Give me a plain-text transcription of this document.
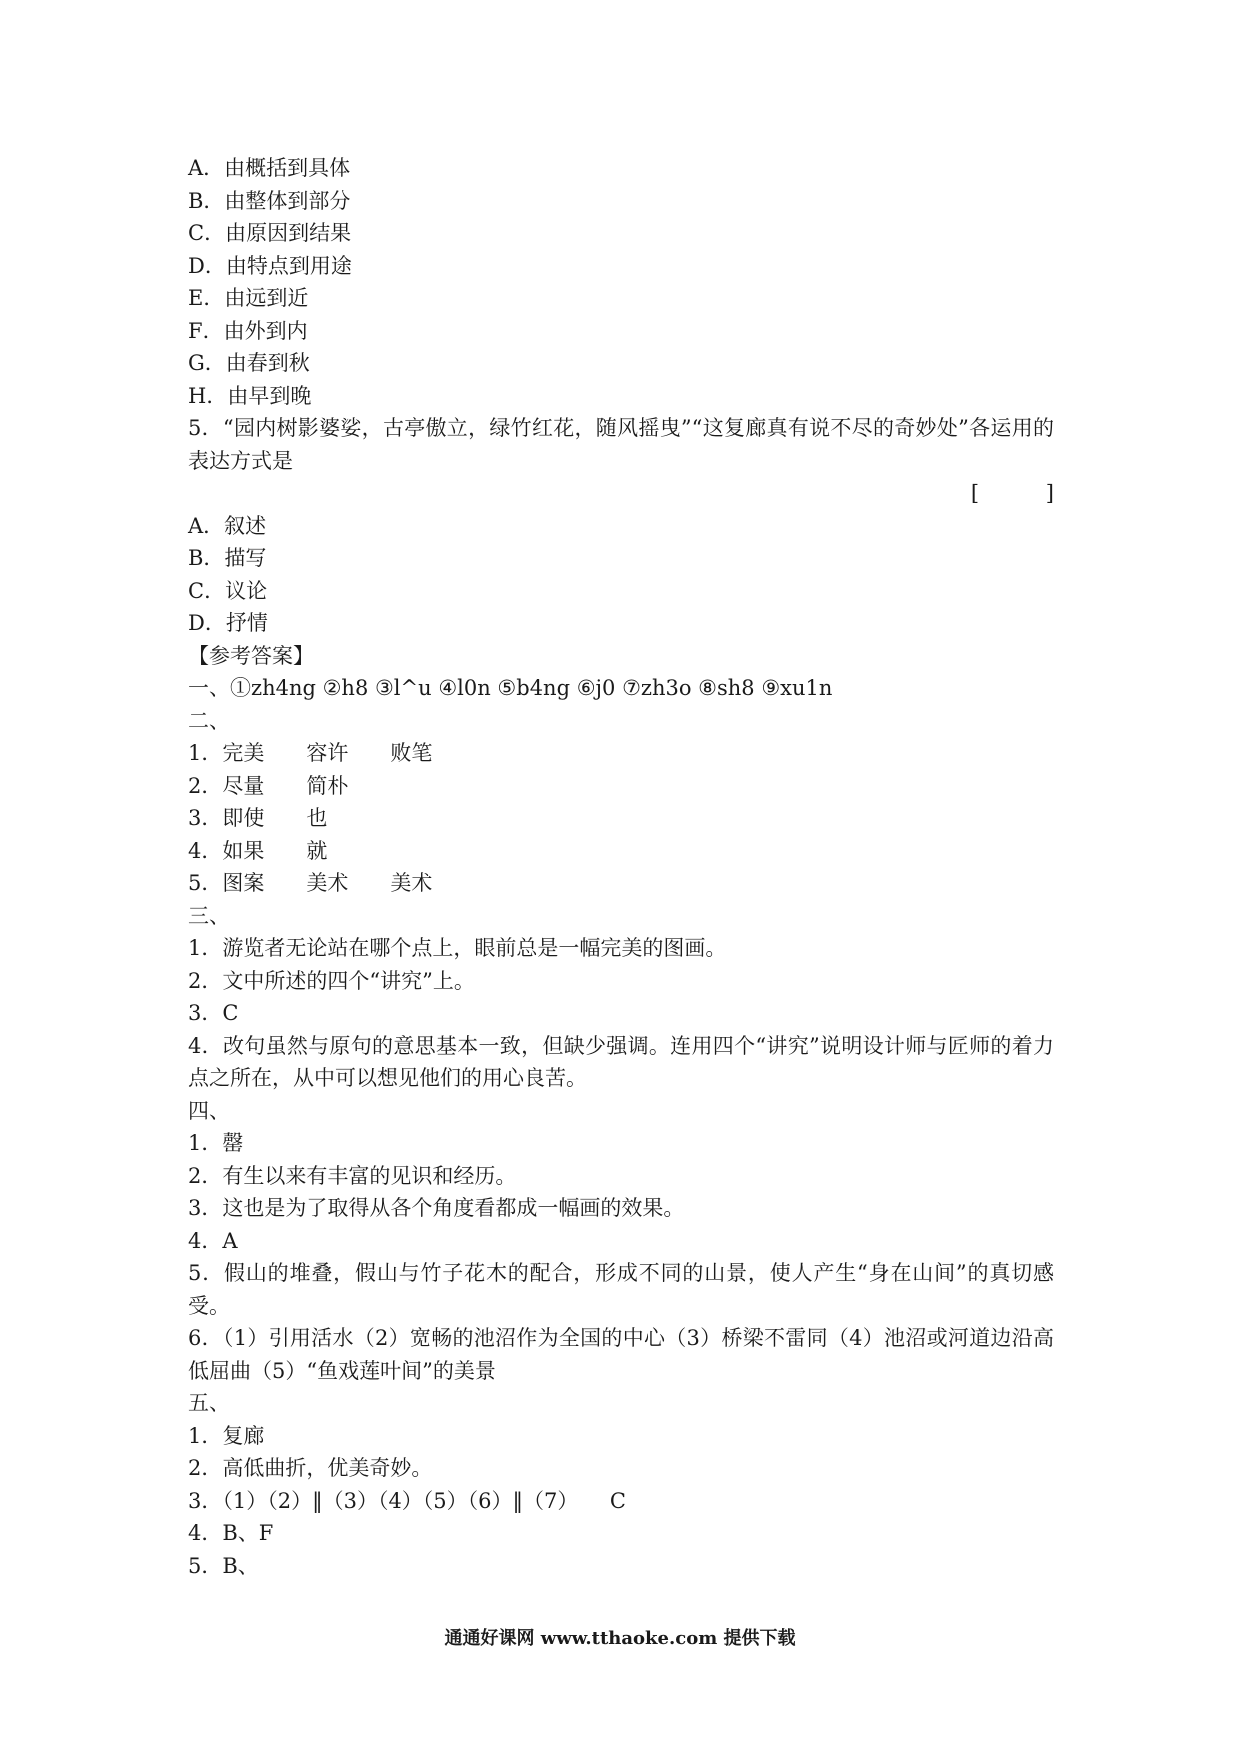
A．由概括到具体
B．由整体到部分
C．由原因到结果
D．由特点到用途
E．由远到近
F．由外到内
G．由春到秋
H．由早到晚
5．“园内树影婆娑，古亭傲立，绿竹红花，随风摇曳”“这复廊真有说不尽的奇妙处”各运用的表达方式是
[          ]
A．叙述
B．描写
C．议论
D．抒情
【参考答案】
一、①zh4ng ②h8 ③l^u ④l0n ⑤b4ng ⑥j0 ⑦zh3o ⑧sh8 ⑨xu1n
二、
1．完美　　容许　　败笔
2．尽量　　简朴
3．即使　　也
4．如果　　就
5．图案　　美术　　美术
三、
1．游览者无论站在哪个点上，眼前总是一幅完美的图画。
2．文中所述的四个“讲究”上。
3．C
4．改句虽然与原句的意思基本一致，但缺少强调。连用四个“讲究”说明设计师与匠师的着力点之所在，从中可以想见他们的用心良苦。
四、
1．罄
2．有生以来有丰富的见识和经历。
3．这也是为了取得从各个角度看都成一幅画的效果。
4．A
5．假山的堆叠，假山与竹子花木的配合，形成不同的山景，使人产生“身在山间”的真切感受。
6．（1）引用活水（2）宽畅的池沼作为全国的中心（3）桥梁不雷同（4）池沼或河道边沿高低屈曲（5）“鱼戏莲叶间”的美景
五、
1．复廊
2．高低曲折，优美奇妙。
3．（1）（2）‖（3）（4）（5）（6）‖（7）　　C
4．B、F
5．B、
通通好课网 www.tthaoke.com 提供下载
